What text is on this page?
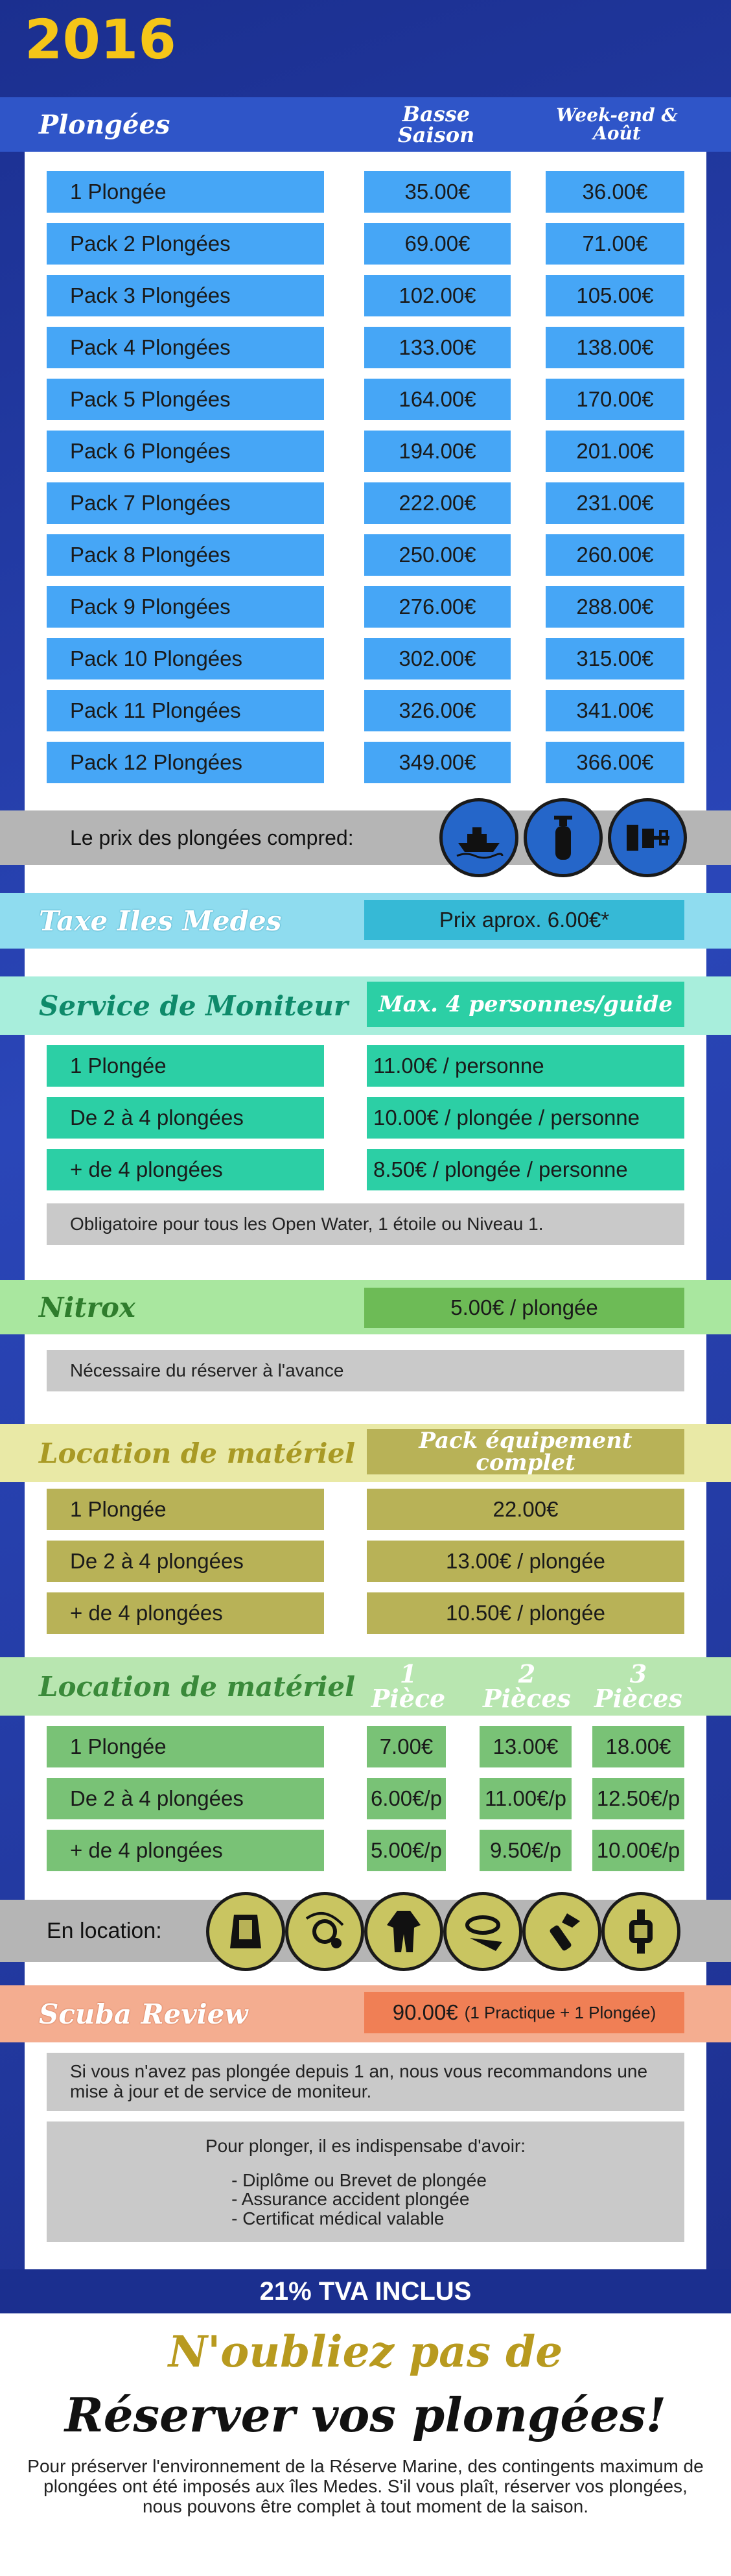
2016
Plongées	Basse Saison
Week-end & Août
1 Plongée	35.00€	36.00€
Pack 2 Plongées	69.00€	71.00€
Pack 3 Plongées	102.00€	105.00€
Pack 4 Plongées	133.00€	138.00€
Pack 5 Plongées	164.00€	170.00€
Pack 6 Plongées	194.00€	201.00€
Pack 7 Plongées	222.00€	231.00€
Pack 8 Plongées	250.00€	260.00€
Pack 9 Plongées	276.00€	288.00€
Pack 10 Plongées	302.00€	315.00€
Pack 11 Plongées	326.00€	341.00€
Pack 12 Plongées	349.00€	366.00€
Le prix des plongées compred:
Taxe Iles Medes	Prix aprox. 6.00€*
Service de Moniteur	Max. 4 personnes/guide
1 Plongée	11.00€ / personne
De 2 à 4 plongées	10.00€ / plongée / personne
+ de 4 plongées	8.50€ / plongée / personne
Obligatoire pour tous les Open Water, 1 étoile ou Niveau 1.
Nitrox	5.00€ / plongée
Nécessaire du réserver à l'avance
Location de matériel	Pack équipement complet
1 Plongée	22.00€
De 2 à 4 plongées	13.00€ / plongée
+ de 4 plongées	10.50€ / plongée
Location de matériel	1 Pièce
2 Pièces
3 Pièces
1 Plongée	7.00€	13.00€	18.00€
De 2 à 4 plongées	6.00€/p 11.00€/p 12.50€/p
+ de 4 plongées	5.00€/p	9.50€/p	10.00€/p
En location:
Scuba Review	90.00€ (1 Practique + 1 Plongée)
Si vous n'avez pas plongée depuis 1 an, nous vous recommandons une mise à jour et de service de moniteur.
Pour plonger, il es indispensabe d'avoir:
- Diplôme ou Brevet de plongée
- Assurance accident plongée
- Certificat médical valable
21% TVA INCLUS
N'oubliez pas de
Réserver vos plongées!
Pour préserver l'environnement de la Réserve Marine, des contingents maximum de plongées ont été imposés aux îles Medes. S'il vous plaît, réserver vos plongées, nous pouvons être complet à tout moment de la saison.
